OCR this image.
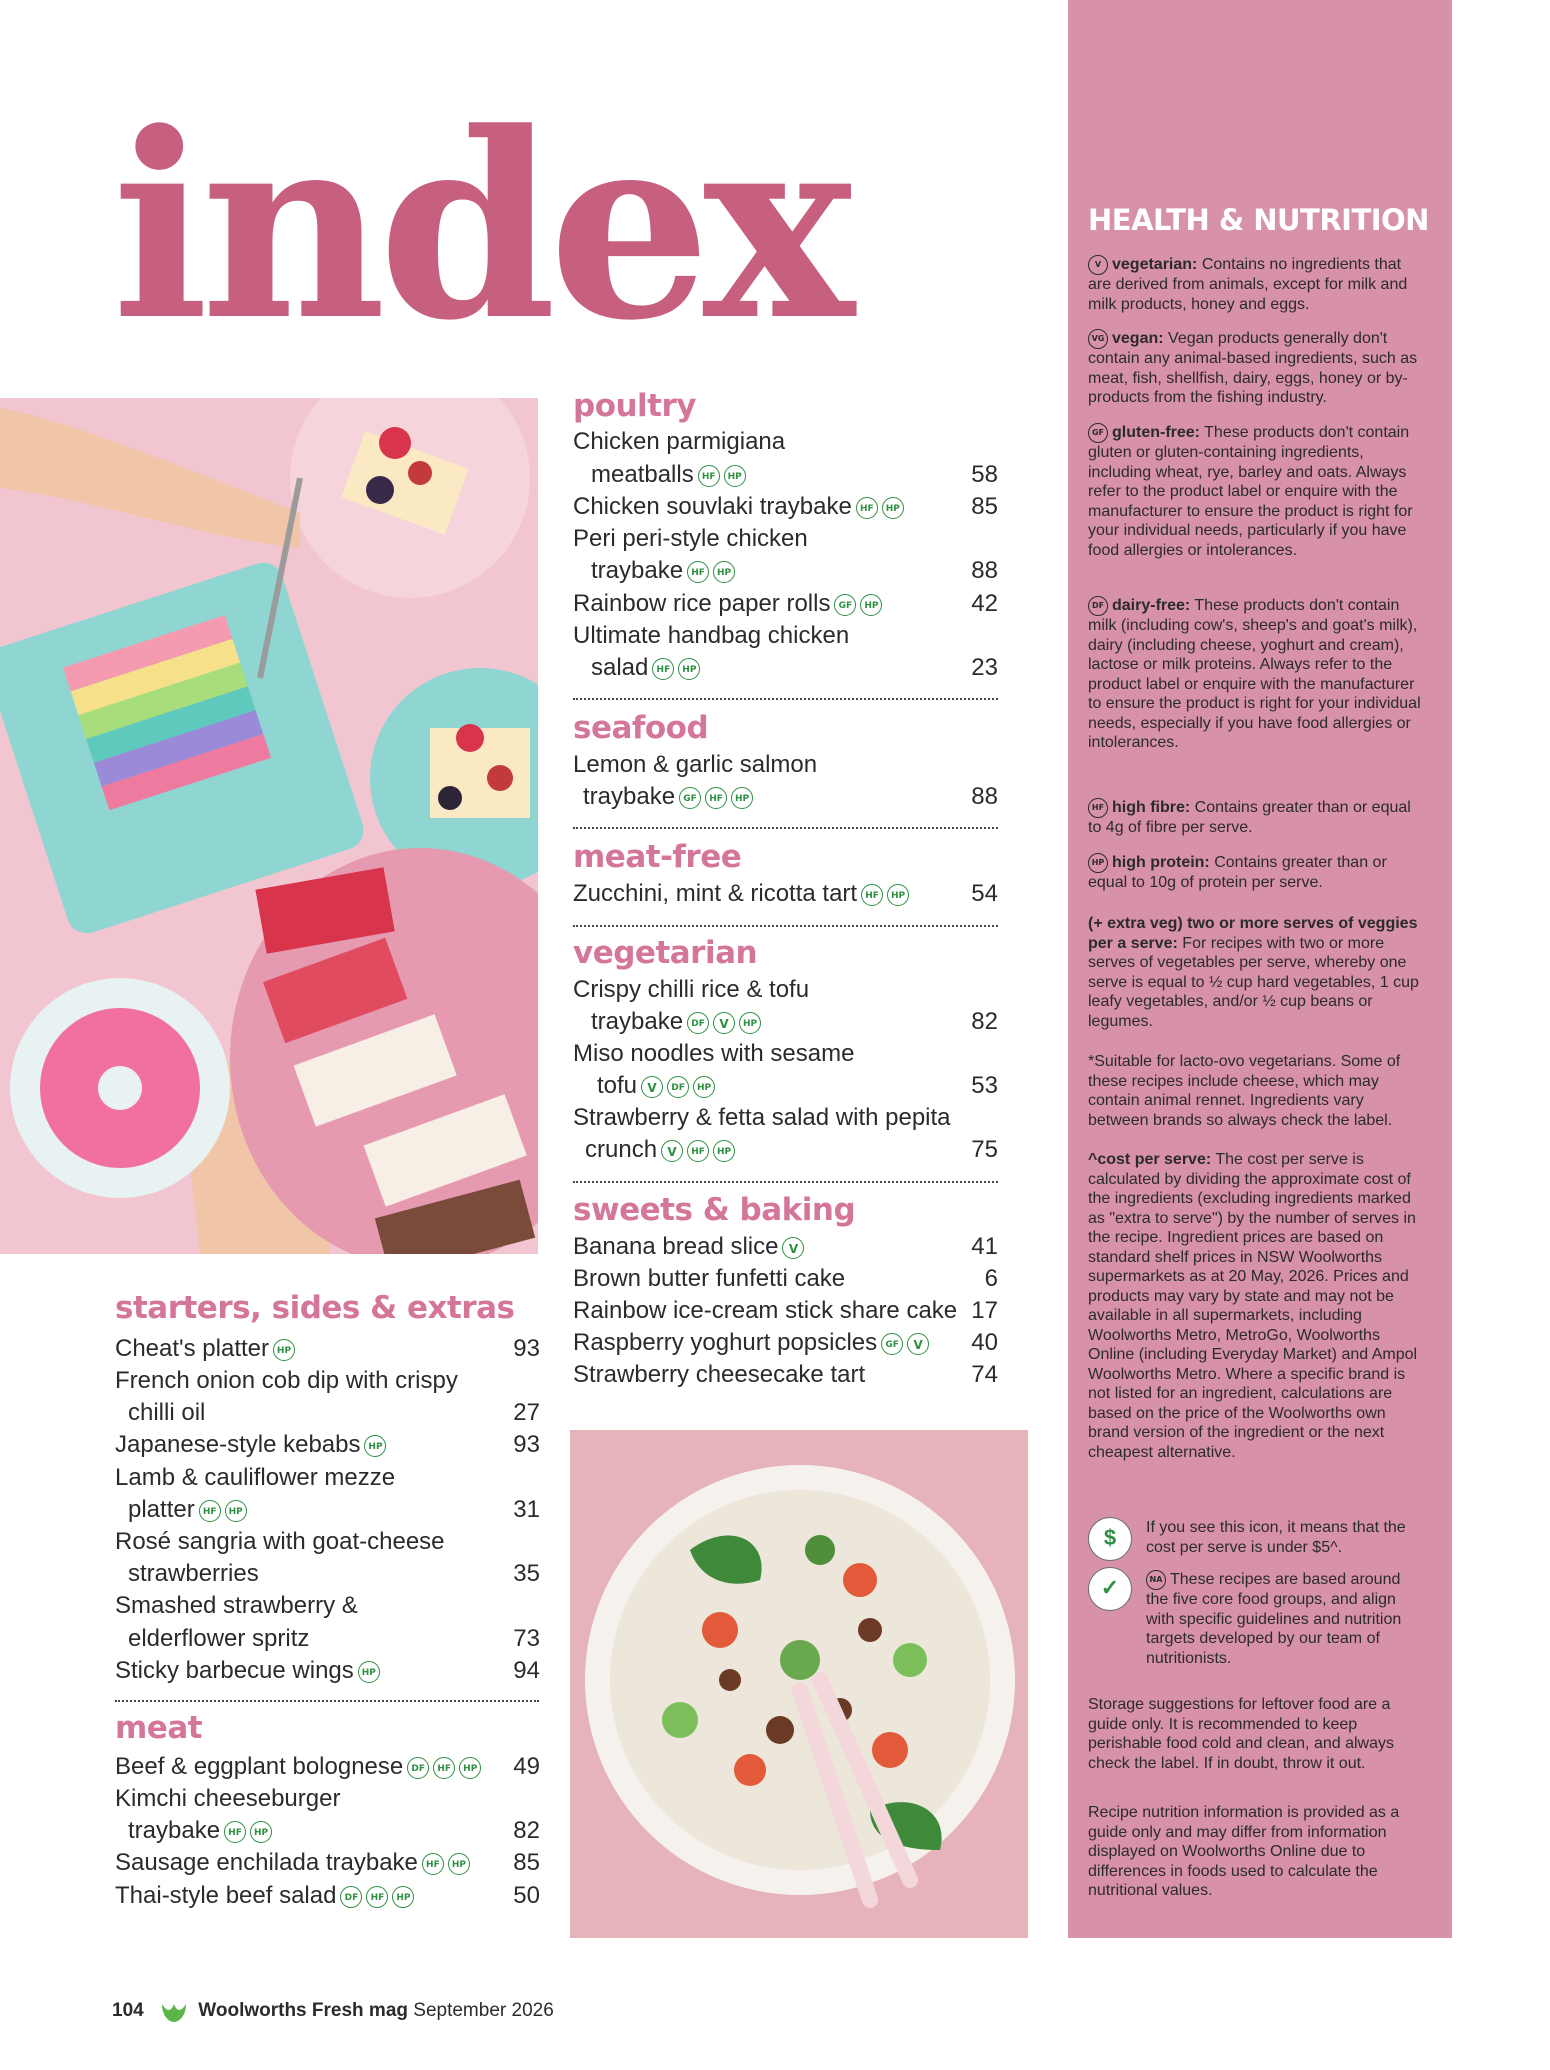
index
poultry
Chicken parmigiana
meatballs HF HP	58
Chicken souvlaki traybake HF HP	85
Peri peri-style chicken
traybake HF HP	88
Rainbow rice paper rolls GF HP	42
Ultimate handbag chicken
salad HF HP	23
seafood
Lemon & garlic salmon
traybake GF HF HP	88
meat-free
Zucchini, mint & ricotta tart HF HP	54
vegetarian
Crispy chilli rice & tofu
traybake DF V HP	82
Miso noodles with sesame
tofu V DF HP	53
Strawberry & fetta salad with pepita
crunch V HF HP	75
sweets & baking
Banana bread slice V	41
Brown butter funfetti cake	6
Rainbow ice-cream stick share cake 17
Raspberry yoghurt popsicles GF V	40
Strawberry cheesecake tart	74
starters, sides & extras
Cheat's platter HP	93
French onion cob dip with crispy
chilli oil	27
Japanese-style kebabs HP	93
Lamb & cauliflower mezze
platter HF HP	31
Rosé sangria with goat-cheese
strawberries	35
Smashed strawberry &
elderflower spritz	73
Sticky barbecue wings HP	94
meat
Beef & eggplant bolognese DF HF HP	49
Kimchi cheeseburger
traybake HF HP	82
Sausage enchilada traybake HF HP	85
Thai-style beef salad DF HF HP	50
HEALTH & NUTRITION
V vegetarian: Contains no ingredients that are derived from animals, except for milk and milk products, honey and eggs.
VG vegan: Vegan products generally don't contain any animal-based ingredients, such as meat, fish, shellfish, dairy, eggs, honey or by-products from the fishing industry.
GF gluten-free: These products don't contain gluten or gluten-containing ingredients, including wheat, rye, barley and oats. Always refer to the product label or enquire with the manufacturer to ensure the product is right for your individual needs, particularly if you have food allergies or intolerances.
DF dairy-free: These products don't contain milk (including cow's, sheep's and goat's milk), dairy (including cheese, yoghurt and cream), lactose or milk proteins. Always refer to the product label or enquire with the manufacturer to ensure the product is right for your individual needs, especially if you have food allergies or intolerances.
HF high fibre: Contains greater than or equal to 4g of fibre per serve.
HP high protein: Contains greater than or equal to 10g of protein per serve.
(+ extra veg) two or more serves of veggies per a serve: For recipes with two or more serves of vegetables per serve, whereby one serve is equal to ½ cup hard vegetables, 1 cup leafy vegetables, and/or ½ cup beans or legumes.
*Suitable for lacto-ovo vegetarians. Some of these recipes include cheese, which may contain animal rennet. Ingredients vary between brands so always check the label.
^cost per serve: The cost per serve is calculated by dividing the approximate cost of the ingredients (excluding ingredients marked as "extra to serve") by the number of serves in the recipe. Ingredient prices are based on standard shelf prices in NSW Woolworths supermarkets as at 20 May, 2026. Prices and products may vary by state and may not be available in all supermarkets, including Woolworths Metro, MetroGo, Woolworths Online (including Everyday Market) and Ampol Woolworths Metro. Where a specific brand is not listed for an ingredient, calculations are based on the price of the Woolworths own brand version of the ingredient or the next cheapest alternative.
$	If you see this icon, it means that the cost per serve is under $5^.
✓	NA These recipes are based around the five core food groups, and align with specific guidelines and nutrition targets developed by our team of nutritionists.
Storage suggestions for leftover food are a guide only. It is recommended to keep perishable food cold and clean, and always check the label. If in doubt, throw it out.
Recipe nutrition information is provided as a guide only and may differ from information displayed on Woolworths Online due to differences in foods used to calculate the nutritional values.
104	Woolworths Fresh mag September 2026
